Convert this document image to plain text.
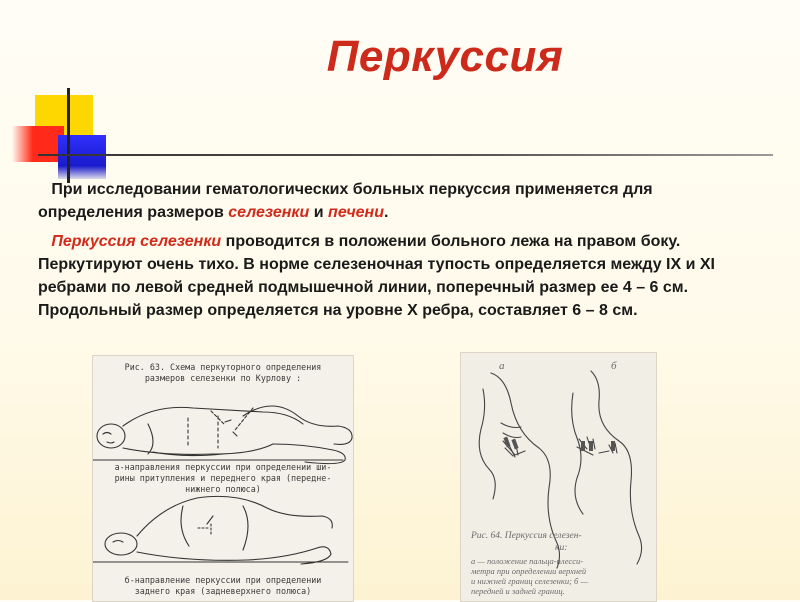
Перкуссия

При исследовании гематологических больных перкуссия применяется для определения размеров селезенки и печени.

Перкуссия селезенки проводится в положении больного лежа на правом боку. Перкутируют очень тихо. В норме селезеночная тупость определяется между IX и XI ребрами по левой средней подмышечной линии, поперечный размер ее 4 – 6 см. Продольный размер определяется на уровне X ребра, составляет 6 – 8 см.

Рис. 63. Схема перкуторного определения
размеров селезенки по Курлову :
а-направления перкуссии при определении ши-
рины притупления и переднего края (передне-
нижнего полюса)
б-направление перкуссии при определении
заднего края (задневерхнего полюса)
а	б
Рис. 64. Перкуссия селезен-
ки:
а — положение пальца-плесси-
метра при определении верхней
и нижней границ селезенки; б —
передней и задней границ.
